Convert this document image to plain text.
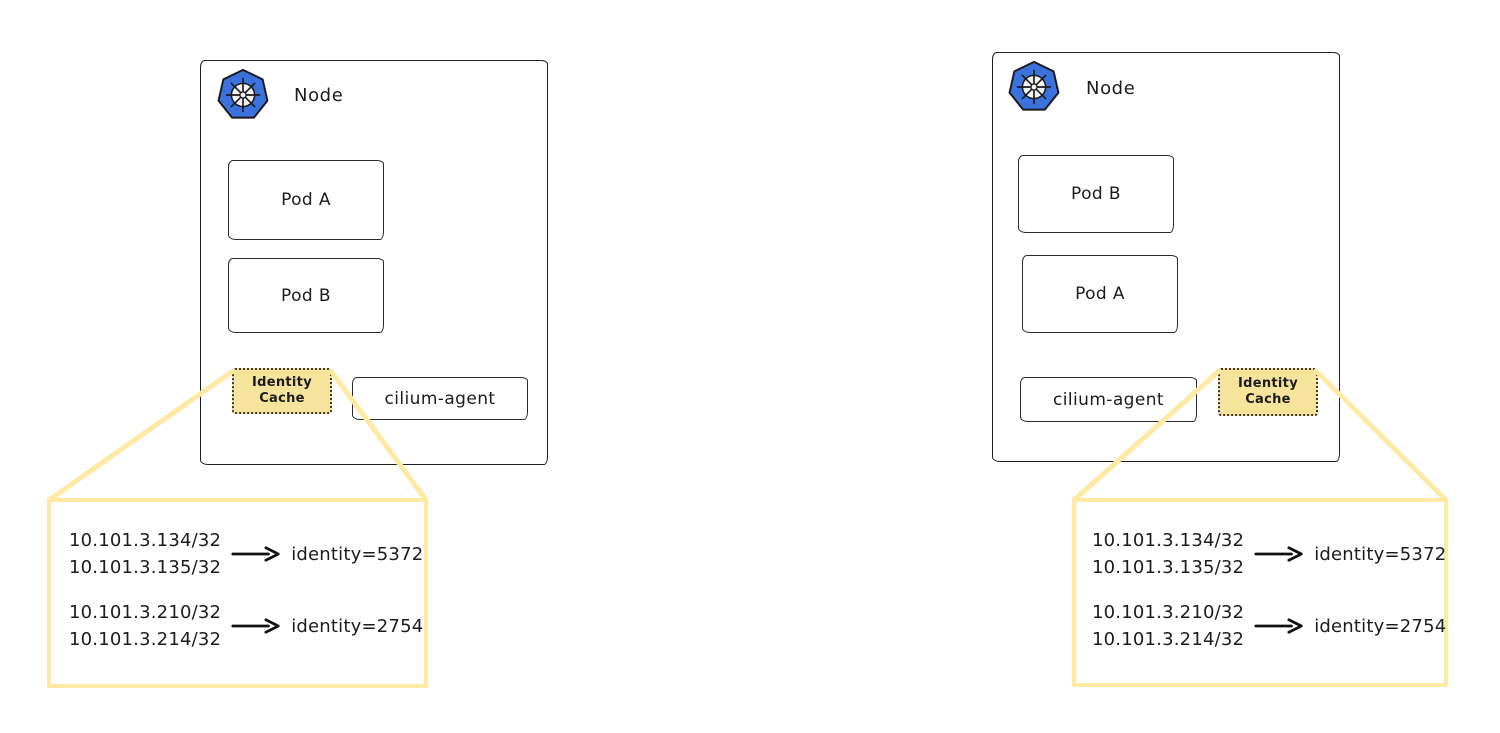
Node
Pod A
Pod B
Identity Cache	cilium-agent
10.101.3.134/32
10.101.3.135/32
identity=5372
10.101.3.210/32
10.101.3.214/32
identity=2754
Node
Pod B
Pod A
cilium-agent
Identity Cache
10.101.3.134/32
10.101.3.135/32
identity=5372
10.101.3.210/32
10.101.3.214/32
identity=2754
